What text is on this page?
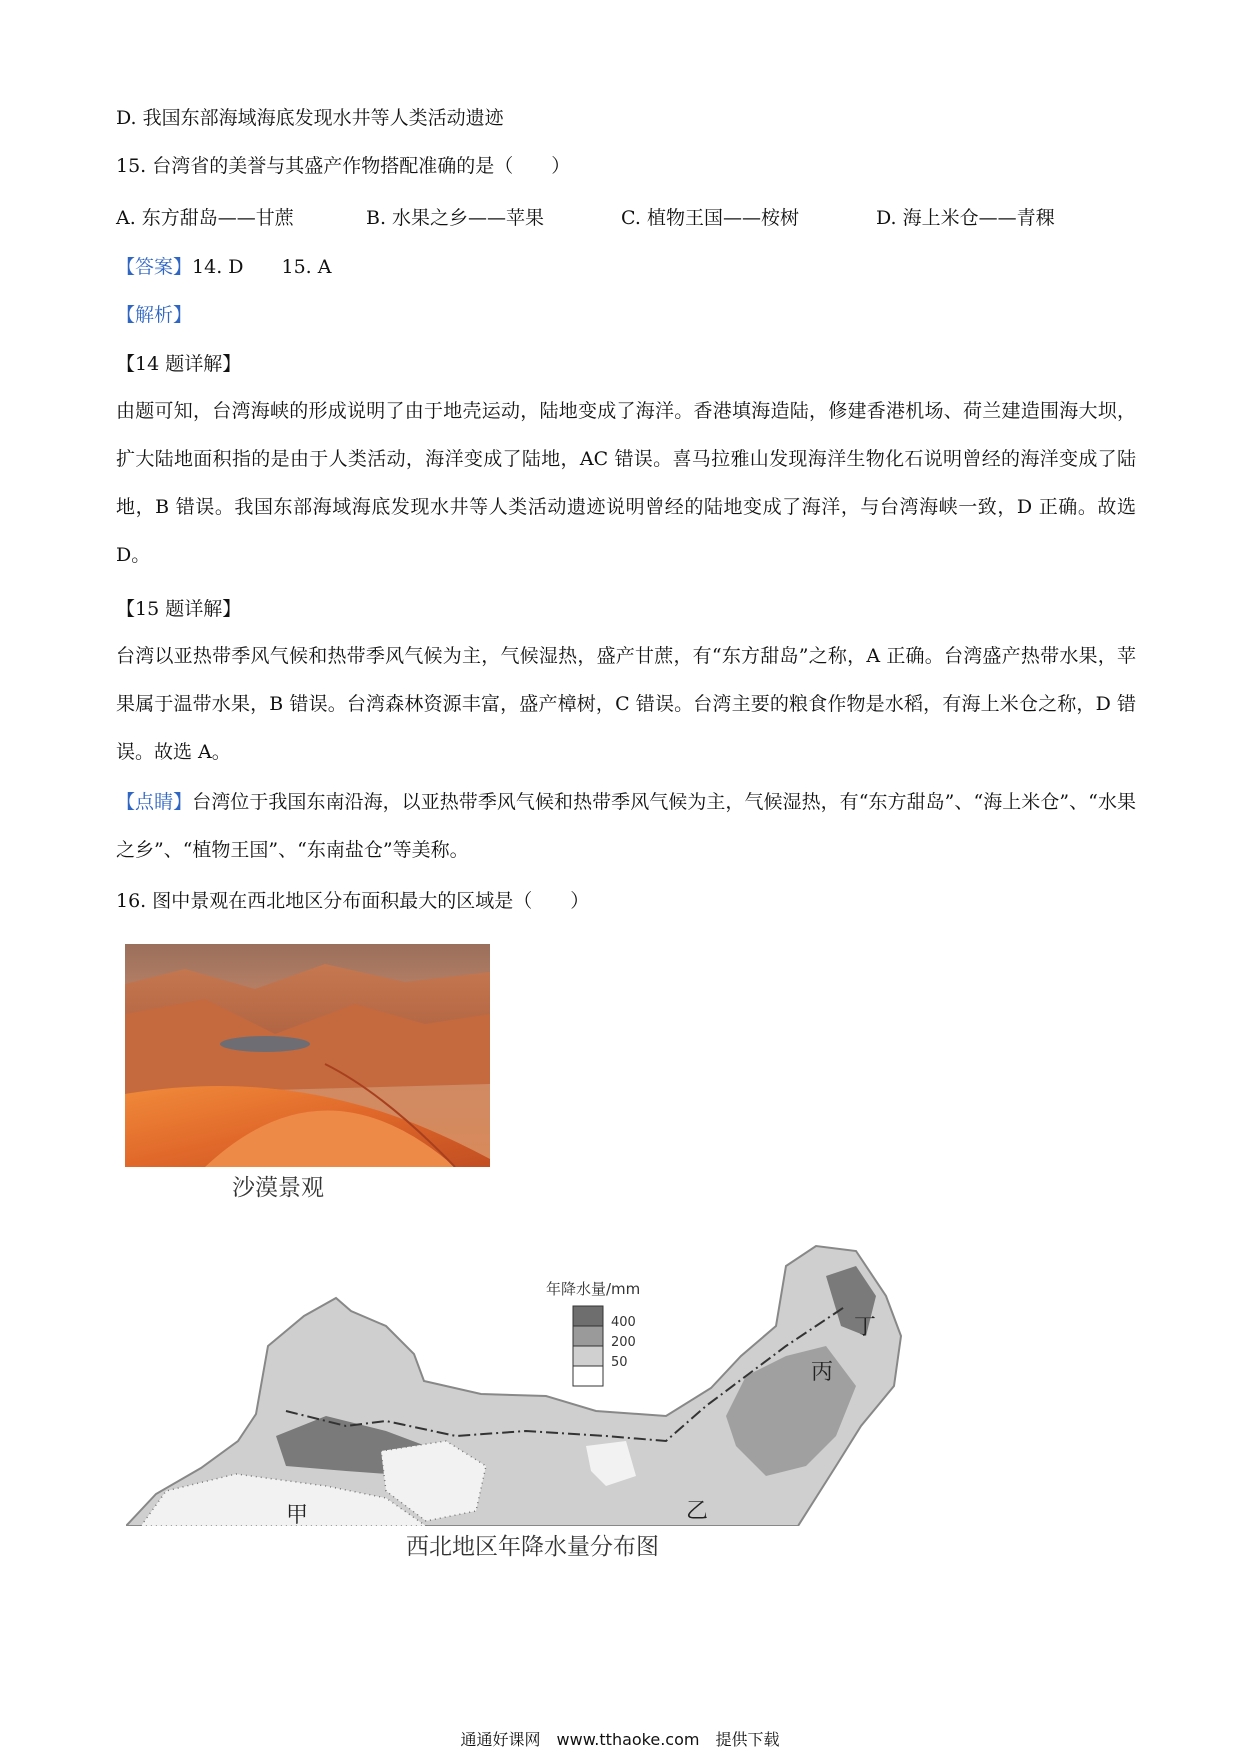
D. 我国东部海域海底发现水井等人类活动遗迹
15. 台湾省的美誉与其盛产作物搭配准确的是（　　）
A. 东方甜岛——甘蔗	B. 水果之乡——苹果	C. 植物王国——桉树	D. 海上米仓——青稞
【答案】14. D　　15. A
【解析】
【14 题详解】
由题可知，台湾海峡的形成说明了由于地壳运动，陆地变成了海洋。香港填海造陆，修建香港机场、荷兰建造围海大坝，扩大陆地面积指的是由于人类活动，海洋变成了陆地，AC 错误。喜马拉雅山发现海洋生物化石说明曾经的海洋变成了陆地，B 错误。我国东部海域海底发现水井等人类活动遗迹说明曾经的陆地变成了海洋，与台湾海峡一致，D 正确。故选 D。
【15 题详解】
台湾以亚热带季风气候和热带季风气候为主，气候湿热，盛产甘蔗，有“东方甜岛”之称，A 正确。台湾盛产热带水果，苹果属于温带水果，B 错误。台湾森林资源丰富，盛产樟树，C 错误。台湾主要的粮食作物是水稻，有海上米仓之称，D 错误。故选 A。
【点睛】台湾位于我国东南沿海，以亚热带季风气候和热带季风气候为主，气候湿热，有“东方甜岛”、“海上米仓”、“水果之乡”、“植物王国”、“东南盐仓”等美称。
16. 图中景观在西北地区分布面积最大的区域是（　　）
沙漠景观
年降水量/mm
400
200
50
甲	乙
丙
丁
西北地区年降水量分布图
通通好课网　www.tthaoke.com　提供下载
